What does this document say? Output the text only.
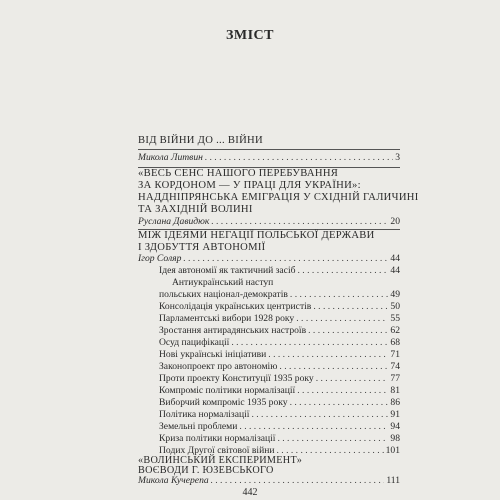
ЗМІСТ
ВІД ВІЙНИ ДО ... ВІЙНИ
Микола Литвин . . .	3
«ВЕСЬ СЕНС НАШОГО ПЕРЕБУВАННЯ
ЗА КОРДОНОМ — У ПРАЦІ ДЛЯ УКРАЇНИ»:
НАДДНІПРЯНСЬКА ЕМІГРАЦІЯ У СХІДНІЙ ГАЛИЧИНІ
ТА ЗАХІДНІЙ ВОЛИНІ
Руслана Давидюк . . .	20
МІЖ ІДЕЯМИ НЕГАЦІЇ ПОЛЬСЬКОЇ ДЕРЖАВИ
І ЗДОБУТТЯ АВТОНОМІЇ
Ігор Соляр . . .	44
Ідея автономії як тактичний засіб . . .	44
Антиукраїнський наступ
польських націонал-демократів . . .	49
Консолідація українських центристів . . .	50
Парламентські вибори 1928 року . . .	55
Зростання антирадянських настроїв . . .	62
Осуд пацифікації . . .	68
Нові українські ініціативи . . .	71
Законопроект про автономію . . .	74
Проти проекту Конституції 1935 року . . .	77
Компроміс політики нормалізації . . .	81
Виборчий компроміс 1935 року . . .	86
Політика нормалізації . . .	91
Земельні проблеми . . .	94
Криза політики нормалізації . . .	98
Подих Другої світової війни . . .	101
«ВОЛИНСЬКИЙ ЕКСПЕРИМЕНТ»
ВОЄВОДИ Г. ЮЗЕВСЬКОГО
442
Микола Кучерепа . . .	111
